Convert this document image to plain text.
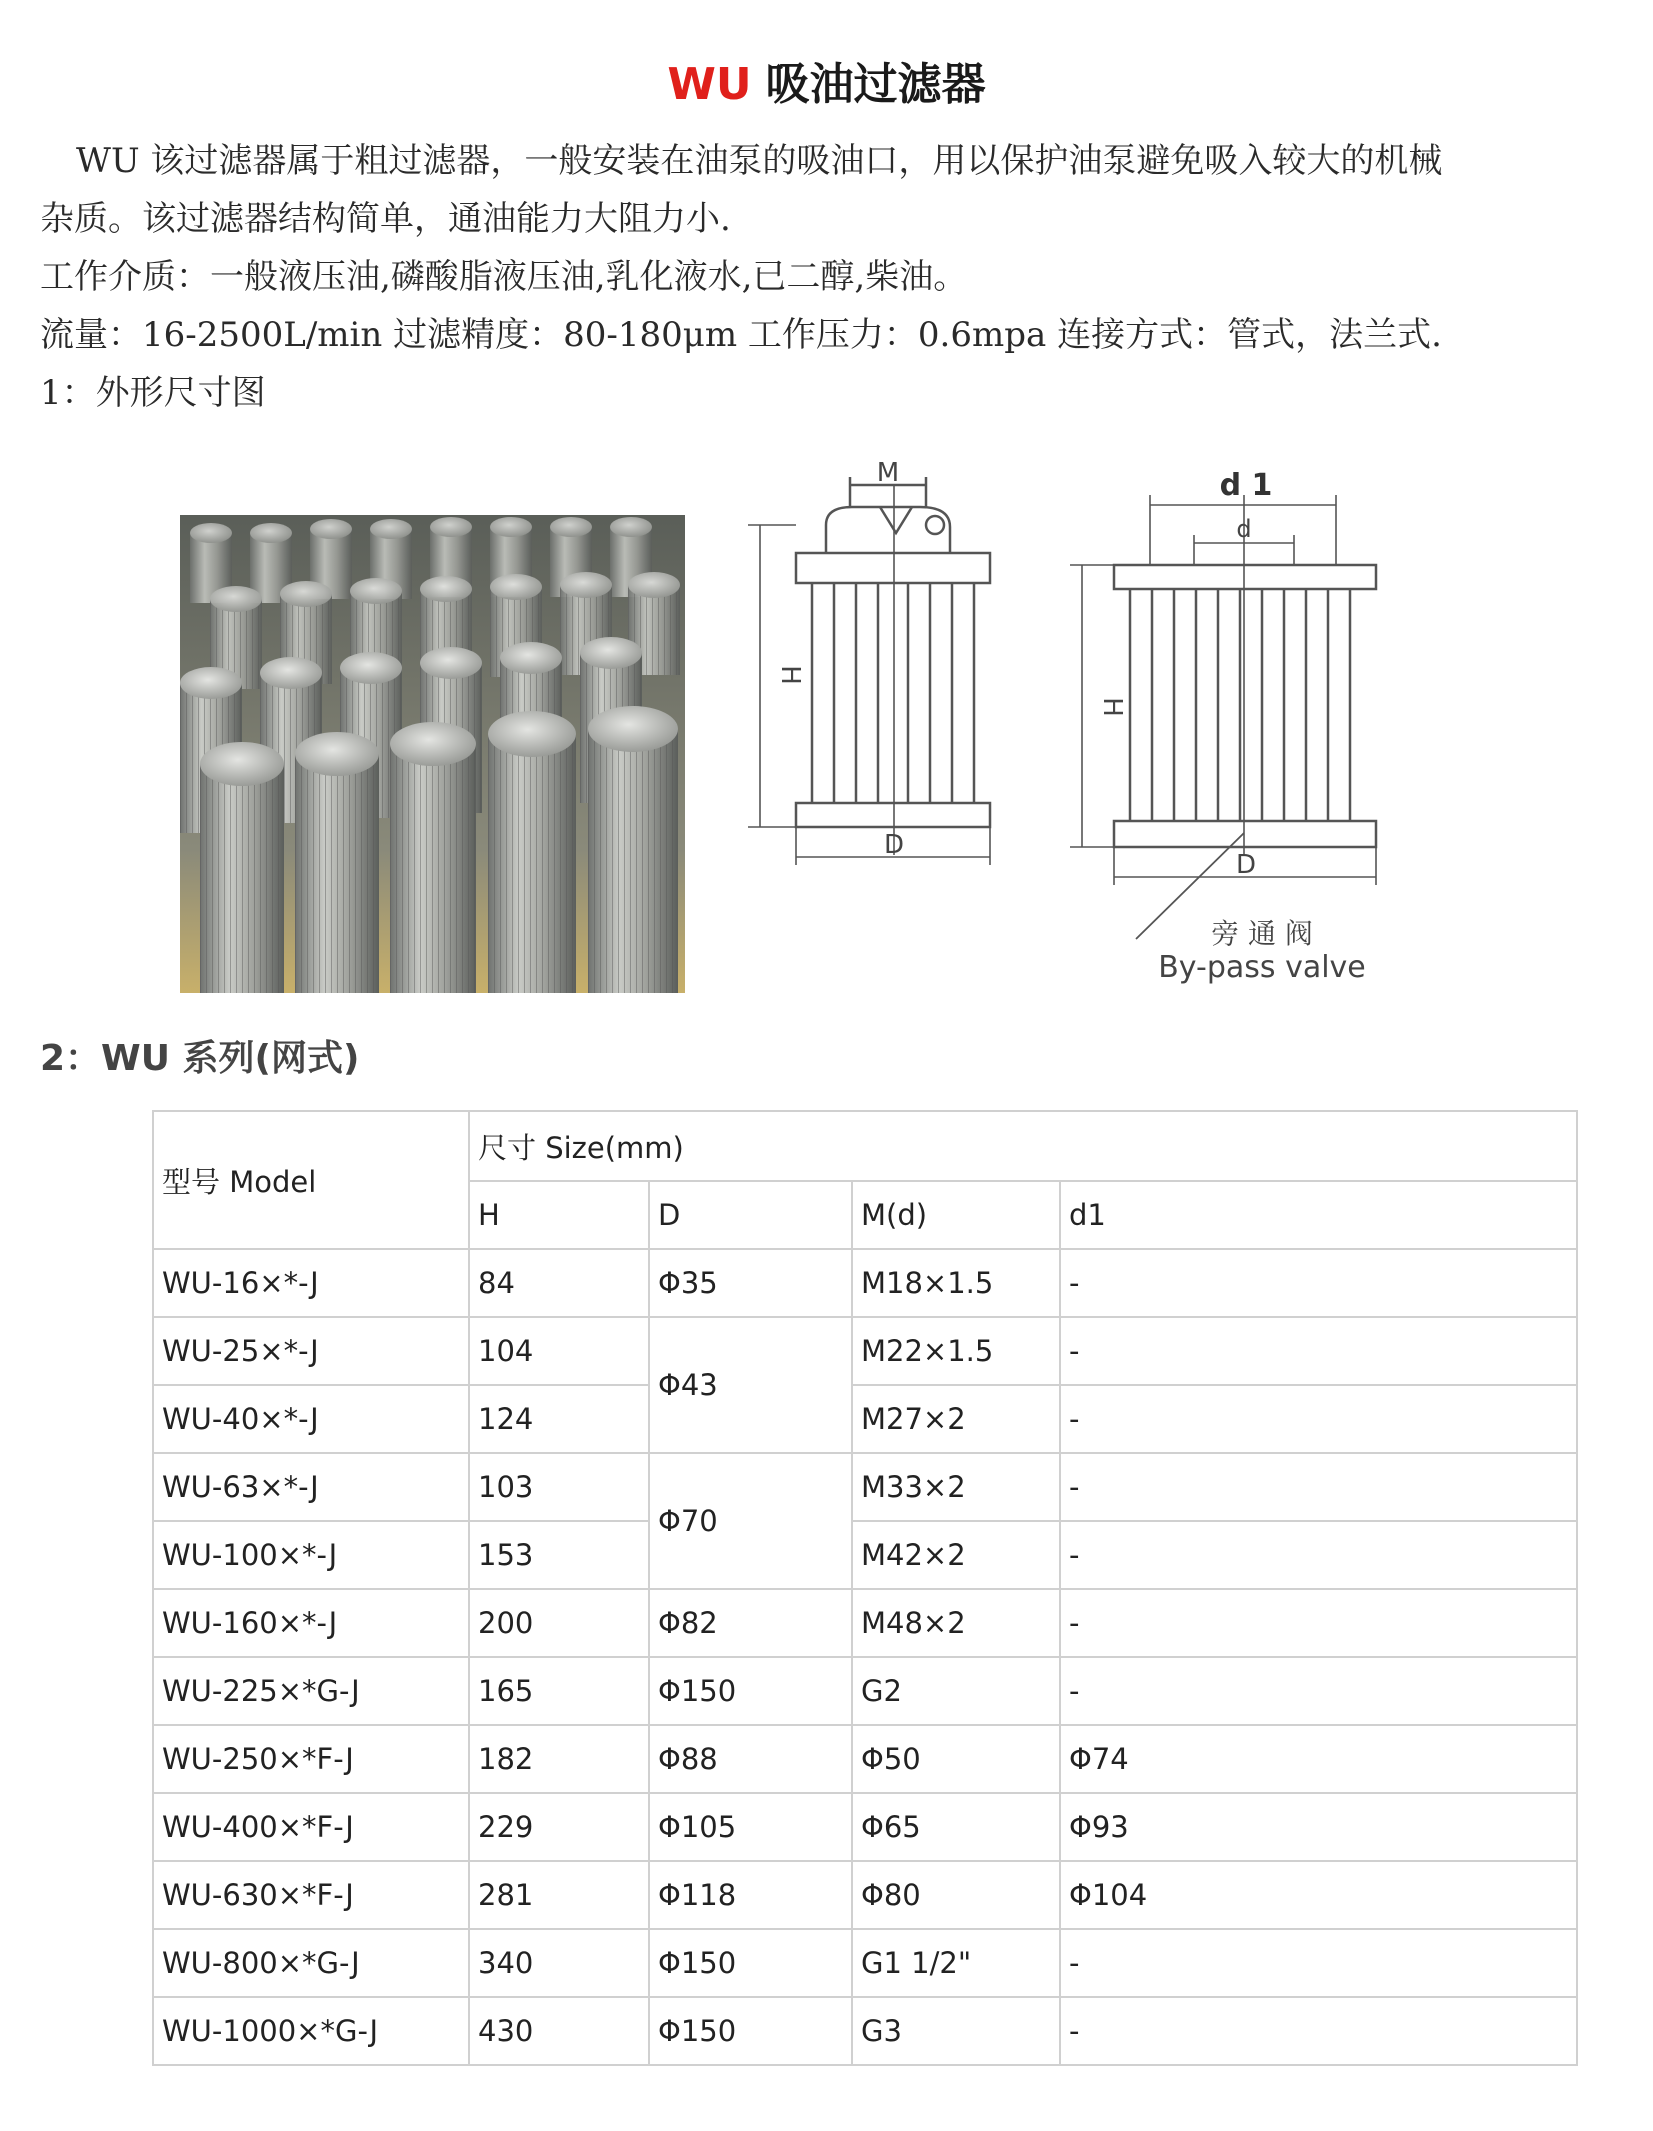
WU 吸油过滤器

WU 该过滤器属于粗过滤器，一般安装在油泵的吸油口，用以保护油泵避免吸入较大的机械

杂质。该过滤器结构简单，通油能力大阻力小.

工作介质：一般液压油,磷酸脂液压油,乳化液水,已二醇,柴油。

流量：16-2500L/min 过滤精度：80-180μm 工作压力：0.6mpa 连接方式：管式，法兰式.

1：外形尺寸图

M
H
D
d 1
d
H
D
旁 通 阀
By-pass valve
2：WU 系列(网式)
型号 Model	尺寸 Size(mm)			
	H	D	M(d)	d1
WU-16×*-J	84	Φ35	M18×1.5	-
WU-25×*-J	104	Φ43	M22×1.5	-
WU-40×*-J	124		M27×2	-
WU-63×*-J	103	Φ70	M33×2	-
WU-100×*-J	153		M42×2	-
WU-160×*-J	200	Φ82	M48×2	-
WU-225×*G-J	165	Φ150	G2	-
WU-250×*F-J	182	Φ88	Φ50	Φ74
WU-400×*F-J	229	Φ105	Φ65	Φ93
WU-630×*F-J	281	Φ118	Φ80	Φ104
WU-800×*G-J	340	Φ150	G1 1/2"	-
WU-1000×*G-J	430	Φ150	G3	-
